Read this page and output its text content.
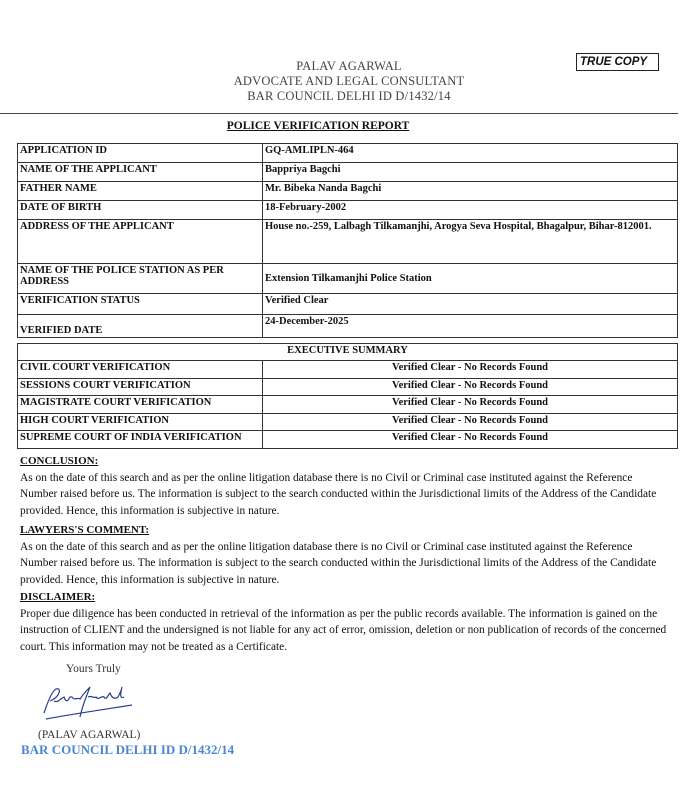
PALAV AGARWAL
ADVOCATE AND LEGAL CONSULTANT
BAR COUNCIL DELHI ID D/1432/14
TRUE COPY
POLICE VERIFICATION REPORT
APPLICATION ID	GQ-AMLIPLN-464
NAME OF THE APPLICANT	Bappriya Bagchi
FATHER NAME	Mr. Bibeka Nanda Bagchi
DATE OF BIRTH	18-February-2002
ADDRESS OF THE APPLICANT	House no.-259, Lalbagh Tilkamanjhi, Arogya Seva Hospital, Bhagalpur, Bihar-812001.
NAME OF THE POLICE STATION AS PER ADDRESS	Extension Tilkamanjhi Police Station
VERIFICATION STATUS	Verified Clear
VERIFIED DATE	24-December-2025
EXECUTIVE SUMMARY	
CIVIL COURT VERIFICATION	Verified Clear - No Records Found
SESSIONS COURT VERIFICATION	Verified Clear - No Records Found
MAGISTRATE COURT VERIFICATION	Verified Clear - No Records Found
HIGH COURT VERIFICATION	Verified Clear - No Records Found
SUPREME COURT OF INDIA VERIFICATION	Verified Clear - No Records Found
CONCLUSION:
As on the date of this search and as per the online litigation database there is no Civil or Criminal case instituted against the Reference Number raised before us. The information is subject to the search conducted within the Jurisdictional limits of the Address of the Candidate provided. Hence, this information is subjective in nature.
LAWYERS'S COMMENT:
As on the date of this search and as per the online litigation database there is no Civil or Criminal case instituted against the Reference Number raised before us. The information is subject to the search conducted within the Jurisdictional limits of the Address of the Candidate provided. Hence, this information is subjective in nature.
DISCLAIMER:
Proper due diligence has been conducted in retrieval of the information as per the public records available. The information is gained on the instruction of CLIENT and the undersigned is not liable for any act of error, omission, deletion or non publication of records of the concerned court. This information may not be treated as a Certificate.
Yours Truly
(PALAV AGARWAL)
BAR COUNCIL DELHI ID D/1432/14
